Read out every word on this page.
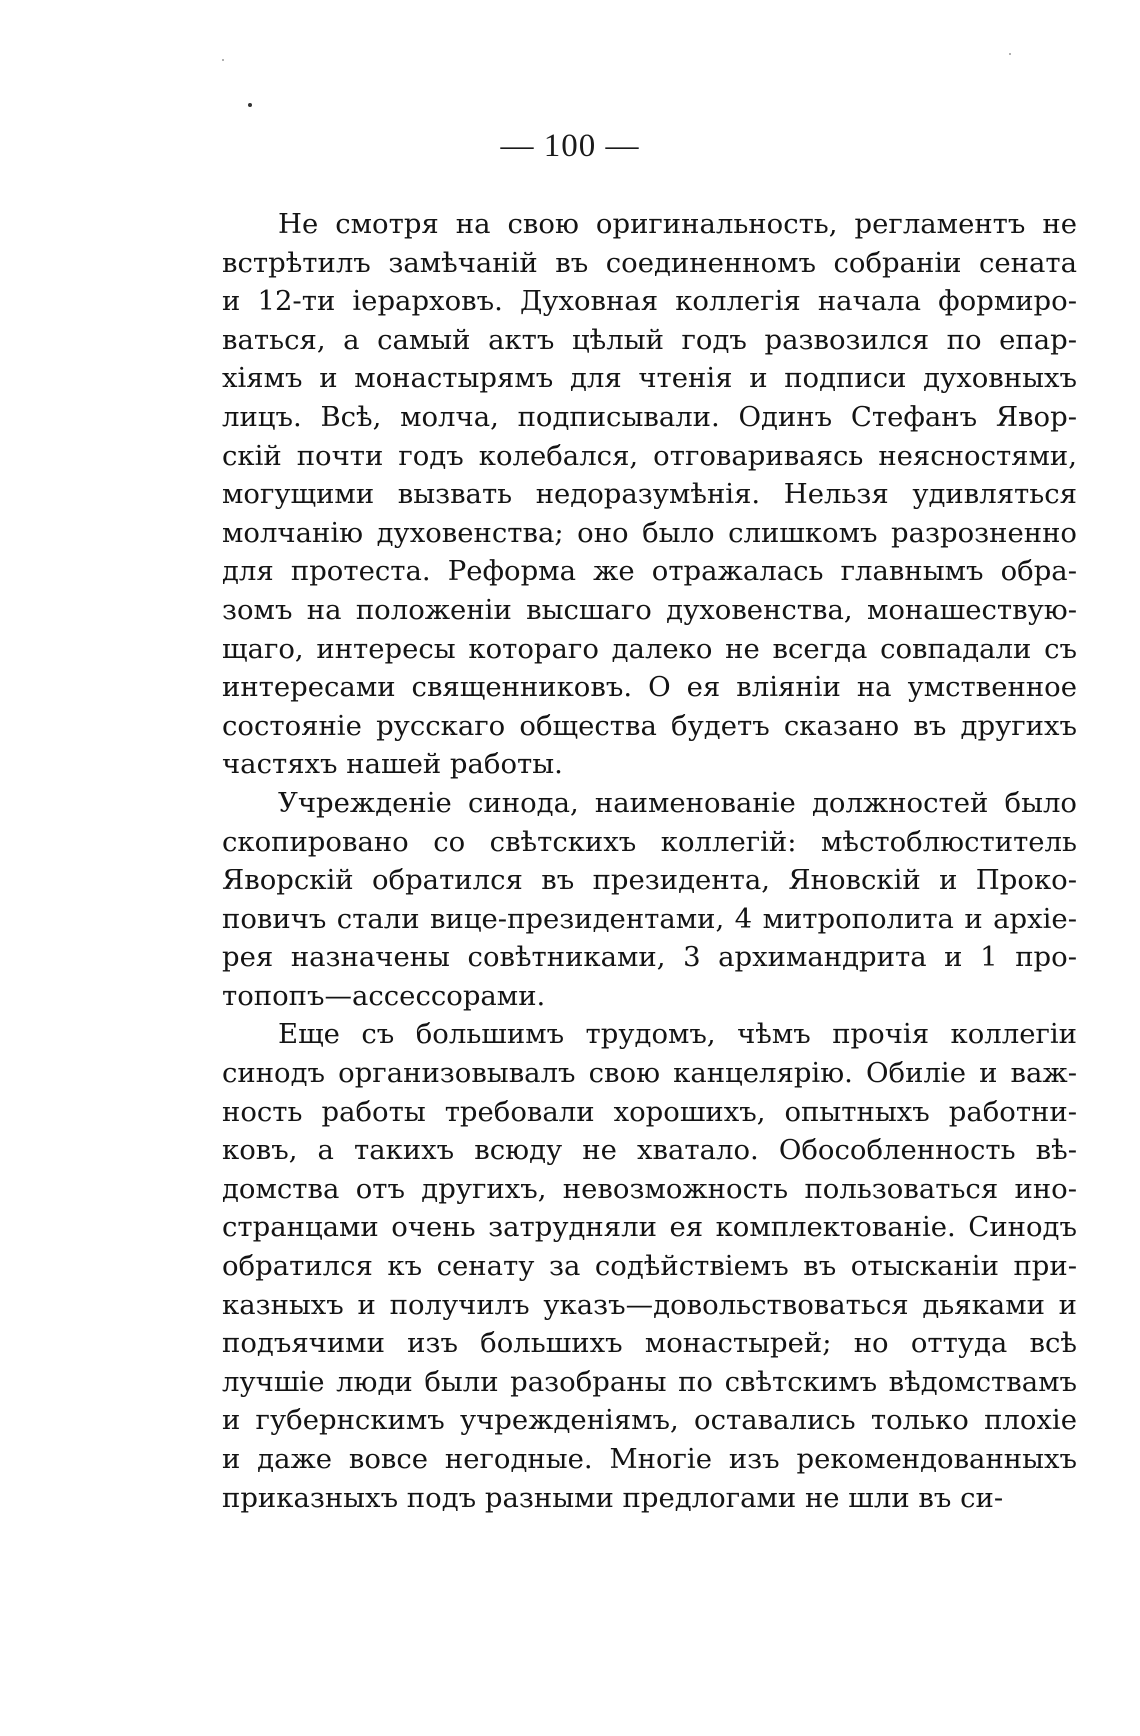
— 100 —
Не смотря на свою оригинальность, регламентъ не
встрѣтилъ замѣчаній въ соединенномъ собраніи сената
и 12-ти іерарховъ. Духовная коллегія начала формиро-
ваться, а самый актъ цѣлый годъ развозился по епар-
хіямъ и монастырямъ для чтенія и подписи духовныхъ
лицъ. Всѣ, молча, подписывали. Одинъ Стефанъ Явор-
скій почти годъ колебался, отговариваясь неясностями,
могущими вызвать недоразумѣнія. Нельзя удивляться
молчанію духовенства; оно было слишкомъ разрозненно
для протеста. Реформа же отражалась главнымъ обра-
зомъ на положеніи высшаго духовенства, монашествую-
щаго, интересы котораго далеко не всегда совпадали съ
интересами священниковъ. О ея вліяніи на умственное
состояніе русскаго общества будетъ сказано въ другихъ
частяхъ нашей работы.
Учрежденіе синода, наименованіе должностей было
скопировано со свѣтскихъ коллегій: мѣстоблюститель
Яворскій обратился въ президента, Яновскій и Проко-
повичъ стали вице-президентами, 4 митрополита и архіе-
рея назначены совѣтниками, 3 архимандрита и 1 про-
топопъ—ассессорами.
Еще съ большимъ трудомъ, чѣмъ прочія коллегіи
синодъ организовывалъ свою канцелярію. Обиліе и важ-
ность работы требовали хорошихъ, опытныхъ работни-
ковъ, а такихъ всюду не хватало. Обособленность вѣ-
домства отъ другихъ, невозможность пользоваться ино-
странцами очень затрудняли ея комплектованіе. Синодъ
обратился къ сенату за содѣйствіемъ въ отысканіи при-
казныхъ и получилъ указъ—довольствоваться дьяками и
подъячими изъ большихъ монастырей; но оттуда всѣ
лучшіе люди были разобраны по свѣтскимъ вѣдомствамъ
и губернскимъ учрежденіямъ, оставались только плохіе
и даже вовсе негодные. Многіе изъ рекомендованныхъ
приказныхъ подъ разными предлогами не шли въ си-
